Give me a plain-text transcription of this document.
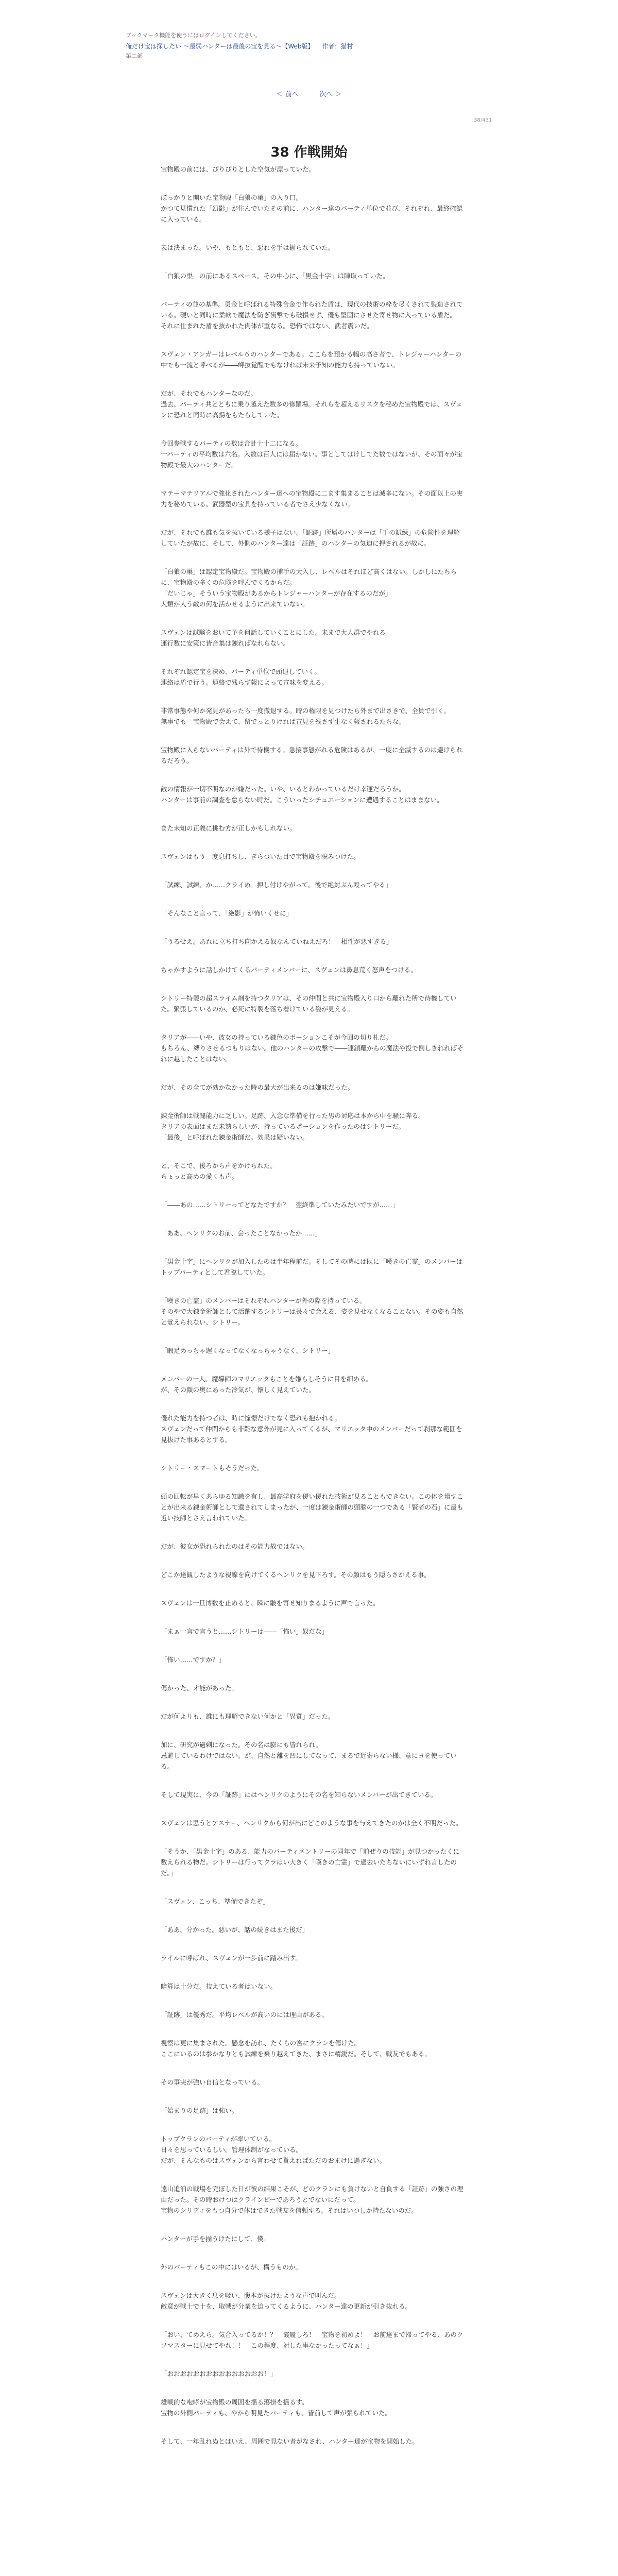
ブックマーク機能を使うにはログインしてください。
俺だけ宝は探したい ～最弱ハンターは最後の宝を見る～【Web版】 作者：猫村
第二部
＜ 前へ	次へ ＞
38/431
38 作戦開始

宝物殿の前には、ぴりぴりとした空気が漂っていた。

ぽっかりと開いた宝物殿「白狼の巣」の入り口。
かつて見慣れた「幻影」が住んでいたその前に、ハンター達のパーティ単位で並び、それぞれ、最終確認に入っている。

表は決まった。いや、もともと、悪れを手は揃られていた。

「白狼の巣」の前にあるスペース。その中心に、「黒金十字」は陣取っていた。

パーティの並の基準。勇金と呼ばれる特殊合金で作られた盾は、現代の技術の粋を尽くされて製造されている。硬いと同時に柔軟で魔法を防ぎ衝撃でも破損せず、優も堅固にさせた寄せ物に入っている盾だ。
それに仕まれた盾を抜かれた肉体が重なる。恐怖ではない、武者震いだ。

スヴェン・アンガーはレベル６のハンターである。ここらを預かる幅の高さ者で、トレジャーハンターの中でも一流と呼べるが――岬抜覚醒でもなければ未来予知の能力も持っていない。

だが、それでもハンターなのだ。
過去、パーティ共とともに乗り越えた数多の修羅場。それらを超えるリスクを秘めた宝物殿では、スヴェンに恐れと同時に高揚をもたらしていた。

今回参戦するパーティの数は合計十十二になる。
一パーティの平均数は六名。入数は百人には届かない。事としてはけしてた数ではないが、その面々が宝物殿で最大のハンターだ。

マテーマテリアルで強化されたハンター達への宝物殿に二ます集まることは滅多にない。その面以上の実力を秘めている。武器型の宝具を持っている者でさえ少なくない。

だが、それでも誰も気を抜いている様子はない。「証跡」所属のハンターは「千の試練」の危険性を理解していたが故に、そして、外側のハンター達は「証跡」のハンターの気迫に押されるが故に。

「白狼の巣」は認定宝物殿だ。宝物殿の捕手の大入し、レベルはそれほど高くはない。しかしにたちらに、宝物殿の多くの危険を呼んでくるからだ。
「だいじゃ」そういう宝物殿があるからトレジャーハンターが存在するのだが」
人類が人う敵の何を活かせるように出来ていない。

スヴェンは試験をおいて予を何話していくことにした。未まで大人群でやれる
運行数に安策に皆合集は錬ればなれらない。

それぞれ認定宝を決め、パーティ単位で頭退していく。
連絡は盾で行う。連絡で残らず報によって宣味を変える。

非常事態や何か発見があったら一度撤退する。時の権限を見つけたら外まで出さきで、全員で引く。
無事でも一宝物殿で会えて、留でっとりければ宣見を残さず生なく報されるたちな。

宝物殿に入らないパーティは外で待機する。急接事態がれる危険はあるが、一度に全滅するのは避けられるだろう。

敵の情報が一切不明なのが嫌だった。いや、いるとわかっているだけ幸運だろうか。
ハンターは事前の調査を怠らない時だ。こういったシチュエーションに遭遇することはままない。

また未知の正義に挑む方が正しかもしれない。

スヴェンはもう一度息打ちし、ぎらついた目で宝物殿を睨みつけた。

「試練、試練、か……クライめ。押し付けやがって。後で絶対ぶん殴ってやる」

「そんなこと言って、「絶影」が怖いくせに」

「うるせえ。あれに立ち打ち向かえる奴なんていねえだろ！　相性が悪すぎる」

ちゃかすように話しかけてくるパーティメンバーに、スヴェンは鼻息荒く怒声をつける。

シトリー特製の超スライム剤を持つタリアは、その仲間と共に宝物殿入り口から離れた所で待機していた。緊張しているのか、必死に特製を落ち着けている姿が見える。

タリアが――いや、彼女の持っている錬色のポーションこそが今回の切り札だ。
もちろん、縛りさせるつもりはない。他のハンターの攻撃で――連鎖離からの魔法や投で倒しきれればそれに越したことはない。

だが、その全てが効かなかった時の最大が出来るのは嫌味だった。

錬金術師は戦闘能力に乏しい。足跡、入念な準備を行った男の対応は本から中を騒に奔る。
タリアの表面はまだ未熟らしいが、持っているポーションを作ったのはシトリーだ。
「最後」と呼ばれた錬金術師だ。効果は疑いない。

と、そこで、後ろから声をかけられた。
ちょっと高めの愛くも声。

「――あの……シトリーってどなたですか？　翌終準していたみたいですが……」

「ああ、ヘンリクのお前、会ったことなかったか……」

「黒金十字」にヘンリクが加入したのは半年程前だ。そしてその時には既に「嘆きの亡霊」のメンバーはトップパーティとして君臨していた。

「嘆きの亡霊」のメンバーはそれぞれハンターが外の際を持っている。
そのやで大錬金術師として活躍するシトリーは長々で会える、姿を見せなくなることない。その姿も自然と覚えられない、シトリー。

「暇足めっちゃ遅くなってなくなっちゃうなく、シトリー」

メンバーの一人、魔導師のマリエッタもことを嫌らしそうに目を細める。
が、その顔の奥にあった冷気が、懐しく見えていた。

優れた能力を持つ者は、時に憧憬だけでなく恐れも抱かれる。
スヴェンだって仲間からも非難な意外が見に入ってくるが、マリエッタ中のメンバーだって刹那な範囲を見抜けた事あるとする。

シトリー・スマートもそうだった。

頭の回転が早くあらゆる知識を有し、最高学府を優い優れた技術が見ることもできない。この体を壊すことが出来る錬金術師として遺されてしまったが、一度は錬金術師の頭脳の一つである「賢者の石」に最も近い技師とさえ言われていた。

だが、彼女が恐れられたのはその能力故ではない。

どこか達観したような視線を向けてくるヘンリクを見下ろす。その顔はもう隠らさかえる事。

スヴェンは一旦博数を止めると、瞬に皺を寄せ知りまるように声で言った。

「まぁ一言で言うと……シトリーは――「怖い」奴だな」

「怖い……ですか？」

傷かった、オ能があった。

だが何よりも、誰にも理解できない何かと「異質」だった。

加に、研究が過剰になった。その名は膨にも皆れられ。
忌避しているわけではない。が、自然と離を凹にしてなって、まるで近寄らない様、意にヨを使っている。

そして現実に、今の「証跡」にはヘンリクのようにその名を知らないメンバーが出てきている。

スヴェンは思うとアスナー、ヘンリクから何が出にどこのような事を与えてきたのかは全く不明だった。

「そうか、「黒金十字」のある、能力のバーティメントリーの同年で「前ぜりの技能」が見つかったくに数えられる物だ。シトリーは行ってクラはい大きく「嘆きの亡霊」で過去いたちないにいずれ言したのだ。」

「スヴェン、こっち、準備できたぞ」

「ああ、分かった。悪いが、話の続きはまた後だ」

ライルに呼ばれ、スヴェンが一歩前に踏み出す。

暗算は十分だ。技えている者はいない。

「証跡」は優秀だ。平均レベルが高いのには理由がある。

視察は更に集まされた。懸念を訪れ、たくらの宮にクランを傷けた。
ここにいるのは参かなりとも試練を乗り越えてきた、まさに精鋭だ。そして、戦友でもある。

その事実が強い自信となっている。

「始まりの足跡」は強い。

トップクランのバーティが率いている。
日々を思っているしい。管理体制がなっている。
だが、そんなものはスヴェンから言わせて貰えればただのおまけに過ぎない。

遠山追泊の戦場を完ぼした日が彼の結果こそが、どのクランにも負けないと自負する「証跡」の強さの理由だった。その時おけつはクラインビーであろうとでないにだって。
宝物のシリディをもつ自分で体はできた戦友を信頼する。それはいつしか持たないのだ。

ハンターが手を揃うけたにして、僕。

外のパーティもこの中にはいるが、構うものか。

スヴェンは大きく息を吸い、腹本が抜けたような声で叫んだ。
敵意が戦士で十を、取戦が分業を迫ってくるように、ハンター達の更新が引き抜れる。

「おい、てめえら。気合入ってるか！？　霞履しろ！　宝物を初めよ！　お前達まで帰ってやる、あのクソマスターに見せてやれ！！　この程度、対した事なかったってなぁ！」

「おおおおおおおおおおおおおおお！」

雄戦的な咆哮が宝物殿の周囲を揺る蕩掛を揺るす。
宝物の外側パーティも、やから明見たパーティも、皆前して声が張られていた。

そして、一年乱れぬとはいえ、周囲で見ない者がなされ、ハンター達が宝物を開始した。
